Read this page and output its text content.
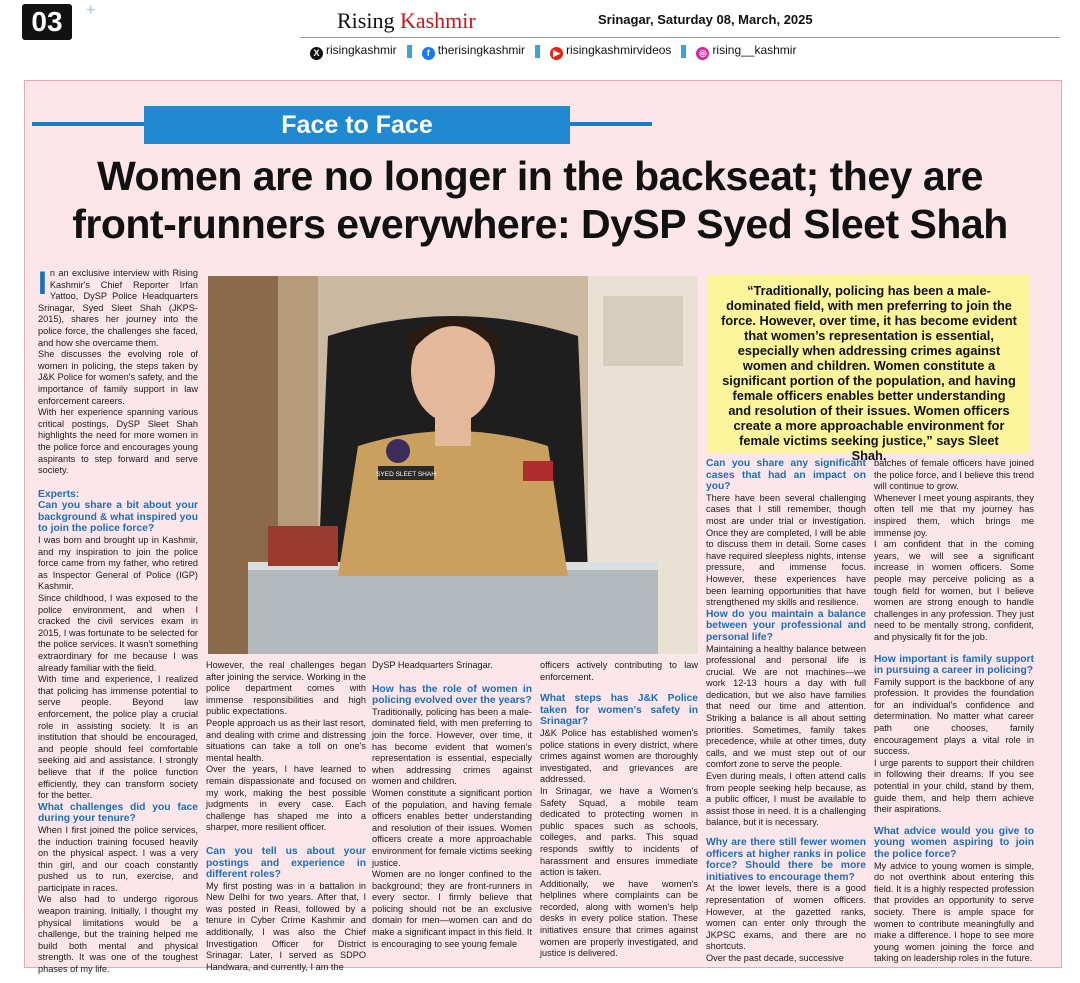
03	+	Rising Kashmir	Srinagar, Saturday 08, March, 2025
X risingkashmir	f therisingkashmir	▶ risingkashmirvideos	◎ rising__kashmir
Face to Face
Women are no longer in the backseat; they are front-runners everywhere: DySP Syed Sleet Shah
SYED SLEET SHAH
“Traditionally, policing has been a male-dominated field, with men preferring to join the force. However, over time, it has become evident that women’s representation is essential, especially when addressing crimes against women and children. Women constitute a significant portion of the population, and having female officers enables better understanding and resolution of their issues. Women officers create a more approachable environment for female victims seeking justice,” says Sleet Shah.

In an exclusive interview with Rising Kashmir's Chief Reporter Irfan Yattoo, DySP Police Headquarters Srinagar, Syed Sleet Shah (JKPS-2015), shares her journey into the police force, the challenges she faced, and how she overcame them.

She discusses the evolving role of women in policing, the steps taken by J&K Police for women's safety, and the importance of family support in law enforcement careers.

With her experience spanning various critical postings, DySP Sleet Shah highlights the need for more women in the police force and encourages young aspirants to step forward and serve society.

Experts:

Can you share a bit about your background & what inspired you to join the police force?

I was born and brought up in Kashmir, and my inspiration to join the police force came from my father, who retired as Inspector General of Police (IGP) Kashmir.

Since childhood, I was exposed to the police environment, and when I cracked the civil services exam in 2015, I was fortunate to be selected for the police services. It wasn't something extraordinary for me because I was already familiar with the field.

With time and experience, I realized that policing has immense potential to serve people. Beyond law enforcement, the police play a crucial role in assisting society. It is an institution that should be encouraged, and people should feel comfortable seeking aid and assistance. I strongly believe that if the police function efficiently, they can transform society for the better.

What challenges did you face during your tenure?

When I first joined the police services, the induction training focused heavily on the physical aspect. I was a very thin girl, and our coach constantly pushed us to run, exercise, and participate in races.

We also had to undergo rigorous weapon training. Initially, I thought my physical limitations would be a challenge, but the training helped me build both mental and physical strength. It was one of the toughest phases of my life.

However, the real challenges began after joining the service. Working in the police department comes with immense responsibilities and high public expectations.

People approach us as their last resort, and dealing with crime and distressing situations can take a toll on one's mental health.

Over the years, I have learned to remain dispassionate and focused on my work, making the best possible judgments in every case. Each challenge has shaped me into a sharper, more resilient officer.

Can you tell us about your postings and experience in different roles?

My first posting was in a battalion in New Delhi for two years. After that, I was posted in Reasi, followed by a tenure in Cyber Crime Kashmir and additionally, I was also the Chief Investigation Officer for District Srinagar. Later, I served as SDPO Handwara, and currently, I am the

DySP Headquarters Srinagar.

How has the role of women in policing evolved over the years?

Traditionally, policing has been a male-dominated field, with men preferring to join the force. However, over time, it has become evident that women's representation is essential, especially when addressing crimes against women and children.

Women constitute a significant portion of the population, and having female officers enables better understanding and resolution of their issues. Women officers create a more approachable environment for female victims seeking justice.

Women are no longer confined to the background; they are front-runners in every sector. I firmly believe that policing should not be an exclusive domain for men—women can and do make a significant impact in this field. It is encouraging to see young female

officers actively contributing to law enforcement.

What steps has J&K Police taken for women's safety in Srinagar?

J&K Police has established women's police stations in every district, where crimes against women are thoroughly investigated, and grievances are addressed.

In Srinagar, we have a Women's Safety Squad, a mobile team dedicated to protecting women in public spaces such as schools, colleges, and parks. This squad responds swiftly to incidents of harassment and ensures immediate action is taken.

Additionally, we have women's helplines where complaints can be recorded, along with women's help desks in every police station. These initiatives ensure that crimes against women are properly investigated, and justice is delivered.

Can you share any significant cases that had an impact on you?

There have been several challenging cases that I still remember, though most are under trial or investigation. Once they are completed, I will be able to discuss them in detail. Some cases have required sleepless nights, intense pressure, and immense focus. However, these experiences have been learning opportunities that have strengthened my skills and resilience.

How do you maintain a balance between your professional and personal life?

Maintaining a healthy balance between professional and personal life is crucial. We are not machines—we work 12-13 hours a day with full dedication, but we also have families that need our time and attention. Striking a balance is all about setting priorities. Sometimes, family takes precedence, while at other times, duty calls, and we must step out of our comfort zone to serve the people.

Even during meals, I often attend calls from people seeking help because, as a public officer, I must be available to assist those in need. It is a challenging balance, but it is necessary.

Why are there still fewer women officers at higher ranks in police force? Should there be more initiatives to encourage them?

At the lower levels, there is a good representation of women officers. However, at the gazetted ranks, women can enter only through the JKPSC exams, and there are no shortcuts.

Over the past decade, successive

batches of female officers have joined the police force, and I believe this trend will continue to grow.

Whenever I meet young aspirants, they often tell me that my journey has inspired them, which brings me immense joy.

I am confident that in the coming years, we will see a significant increase in women officers. Some people may perceive policing as a tough field for women, but I believe women are strong enough to handle challenges in any profession. They just need to be mentally strong, confident, and physically fit for the job.

How important is family support in pursuing a career in policing?

Family support is the backbone of any profession. It provides the foundation for an individual's confidence and determination. No matter what career path one chooses, family encouragement plays a vital role in success.

I urge parents to support their children in following their dreams. If you see potential in your child, stand by them, guide them, and help them achieve their aspirations.

What advice would you give to young women aspiring to join the police force?

My advice to young women is simple, do not overthink about entering this field. It is a highly respected profession that provides an opportunity to serve society. There is ample space for women to contribute meaningfully and make a difference. I hope to see more young women joining the force and taking on leadership roles in the future.
